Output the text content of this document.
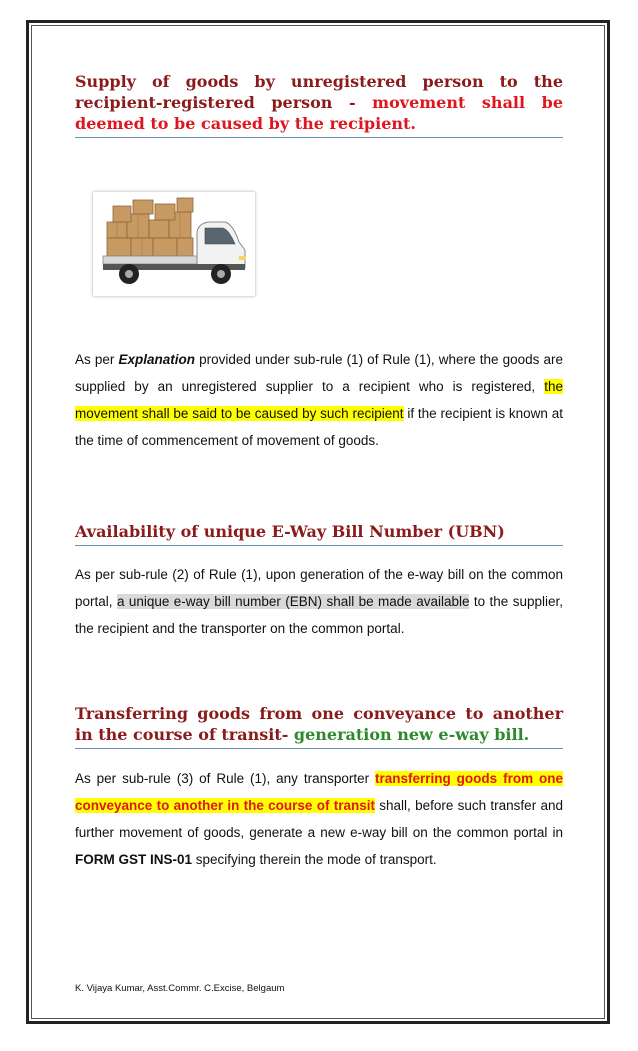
Supply of goods by unregistered person to the recipient-registered person - movement shall be deemed to be caused by the recipient.

As per Explanation provided under sub-rule (1) of Rule (1), where the goods are supplied by an unregistered supplier to a recipient who is registered, the movement shall be said to be caused by such recipient if the recipient is known at the time of commencement of movement of goods.

Availability of unique E-Way Bill Number (UBN)

As per sub-rule (2) of Rule (1), upon generation of the e-way bill on the common portal, a unique e-way bill number (EBN) shall be made available to the supplier, the recipient and the transporter on the common portal.

Transferring goods from one conveyance to another in the course of transit- generation new e-way bill.

As per sub-rule (3) of Rule (1), any transporter transferring goods from one conveyance to another in the course of transit shall, before such transfer and further movement of goods, generate a new e-way bill on the common portal in FORM GST INS-01 specifying therein the mode of transport.

K. Vijaya Kumar, Asst.Commr. C.Excise, Belgaum
